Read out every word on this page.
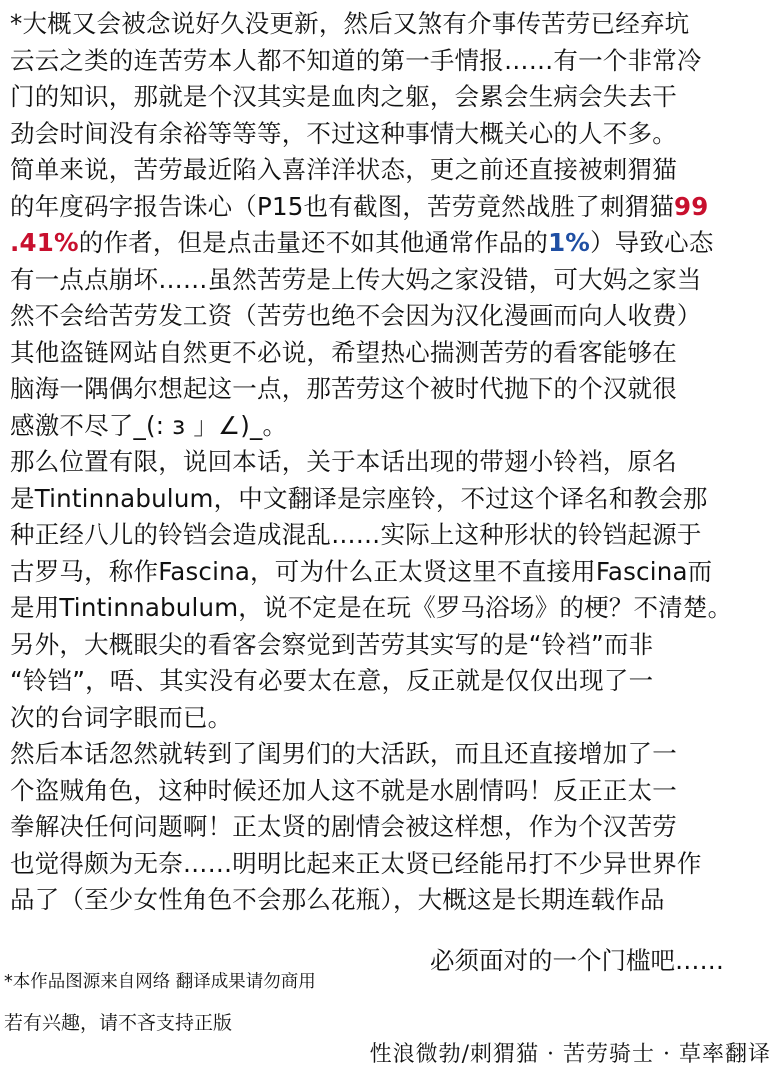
*大概又会被念说好久没更新，然后又煞有介事传苦劳已经弃坑
云云之类的连苦劳本人都不知道的第一手情报……有一个非常冷
门的知识，那就是个汉其实是血肉之躯，会累会生病会失去干
劲会时间没有余裕等等等，不过这种事情大概关心的人不多。
简单来说，苦劳最近陷入喜洋洋状态，更之前还直接被刺猬猫
的年度码字报告诛心（P15也有截图，苦劳竟然战胜了刺猬猫99
.41%的作者，但是点击量还不如其他通常作品的1%）导致心态
有一点点崩坏……虽然苦劳是上传大妈之家没错，可大妈之家当
然不会给苦劳发工资（苦劳也绝不会因为汉化漫画而向人收费）
其他盗链网站自然更不必说，希望热心揣测苦劳的看客能够在
脑海一隅偶尔想起这一点，那苦劳这个被时代抛下的个汉就很
感激不尽了_(: з 」∠)_。
那么位置有限，说回本话，关于本话出现的带翅小铃裆，原名
是Tintinnabulum，中文翻译是宗座铃，不过这个译名和教会那
种正经八儿的铃铛会造成混乱……实际上这种形状的铃铛起源于
古罗马，称作Fascina，可为什么正太贤这里不直接用Fascina而
是用Tintinnabulum，说不定是在玩《罗马浴场》的梗？不清楚。
另外，大概眼尖的看客会察觉到苦劳其实写的是“铃裆”而非
“铃铛”，唔、其实没有必要太在意，反正就是仅仅出现了一
次的台词字眼而已。
然后本话忽然就转到了闺男们的大活跃，而且还直接增加了一
个盗贼角色，这种时候还加人这不就是水剧情吗！反正正太一
拳解决任何问题啊！正太贤的剧情会被这样想，作为个汉苦劳
也觉得颇为无奈……明明比起来正太贤已经能吊打不少异世界作
品了（至少女性角色不会那么花瓶），大概这是长期连载作品
必须面对的一个门槛吧……
*本作品图源来自网络 翻译成果请勿商用
若有兴趣，请不吝支持正版
性浪微勃/刺猬猫 · 苦劳骑士 · 草率翻译
